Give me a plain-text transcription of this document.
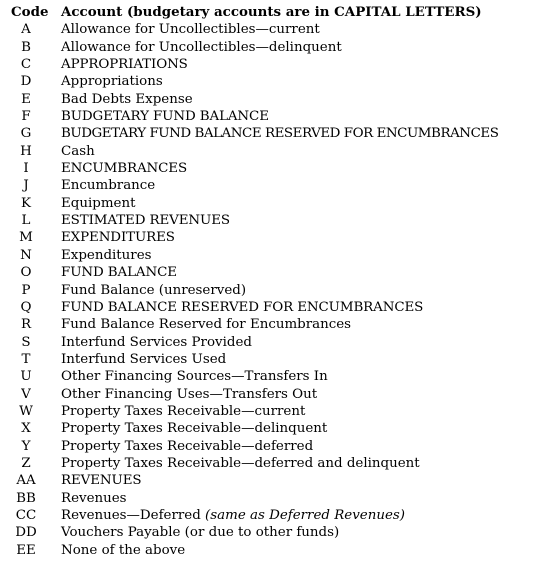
Code Account (budgetary accounts are in CAPITAL LETTERS)
A	Allowance for Uncollectibles—current
B	Allowance for Uncollectibles—delinquent
C	APPROPRIATIONS
D	Appropriations
E	Bad Debts Expense
F	BUDGETARY FUND BALANCE
G	BUDGETARY FUND BALANCE RESERVED FOR ENCUMBRANCES
H	Cash
I	ENCUMBRANCES
J	Encumbrance
K	Equipment
L	ESTIMATED REVENUES
M	EXPENDITURES
N	Expenditures
O	FUND BALANCE
P	Fund Balance (unreserved)
Q	FUND BALANCE RESERVED FOR ENCUMBRANCES
R	Fund Balance Reserved for Encumbrances
S	Interfund Services Provided
T	Interfund Services Used
U	Other Financing Sources—Transfers In
V	Other Financing Uses—Transfers Out
W	Property Taxes Receivable—current
X	Property Taxes Receivable—delinquent
Y	Property Taxes Receivable—deferred
Z	Property Taxes Receivable—deferred and delinquent
AA	REVENUES
BB	Revenues
CC	Revenues—Deferred (same as Deferred Revenues)
DD	Vouchers Payable (or due to other funds)
EE	None of the above
